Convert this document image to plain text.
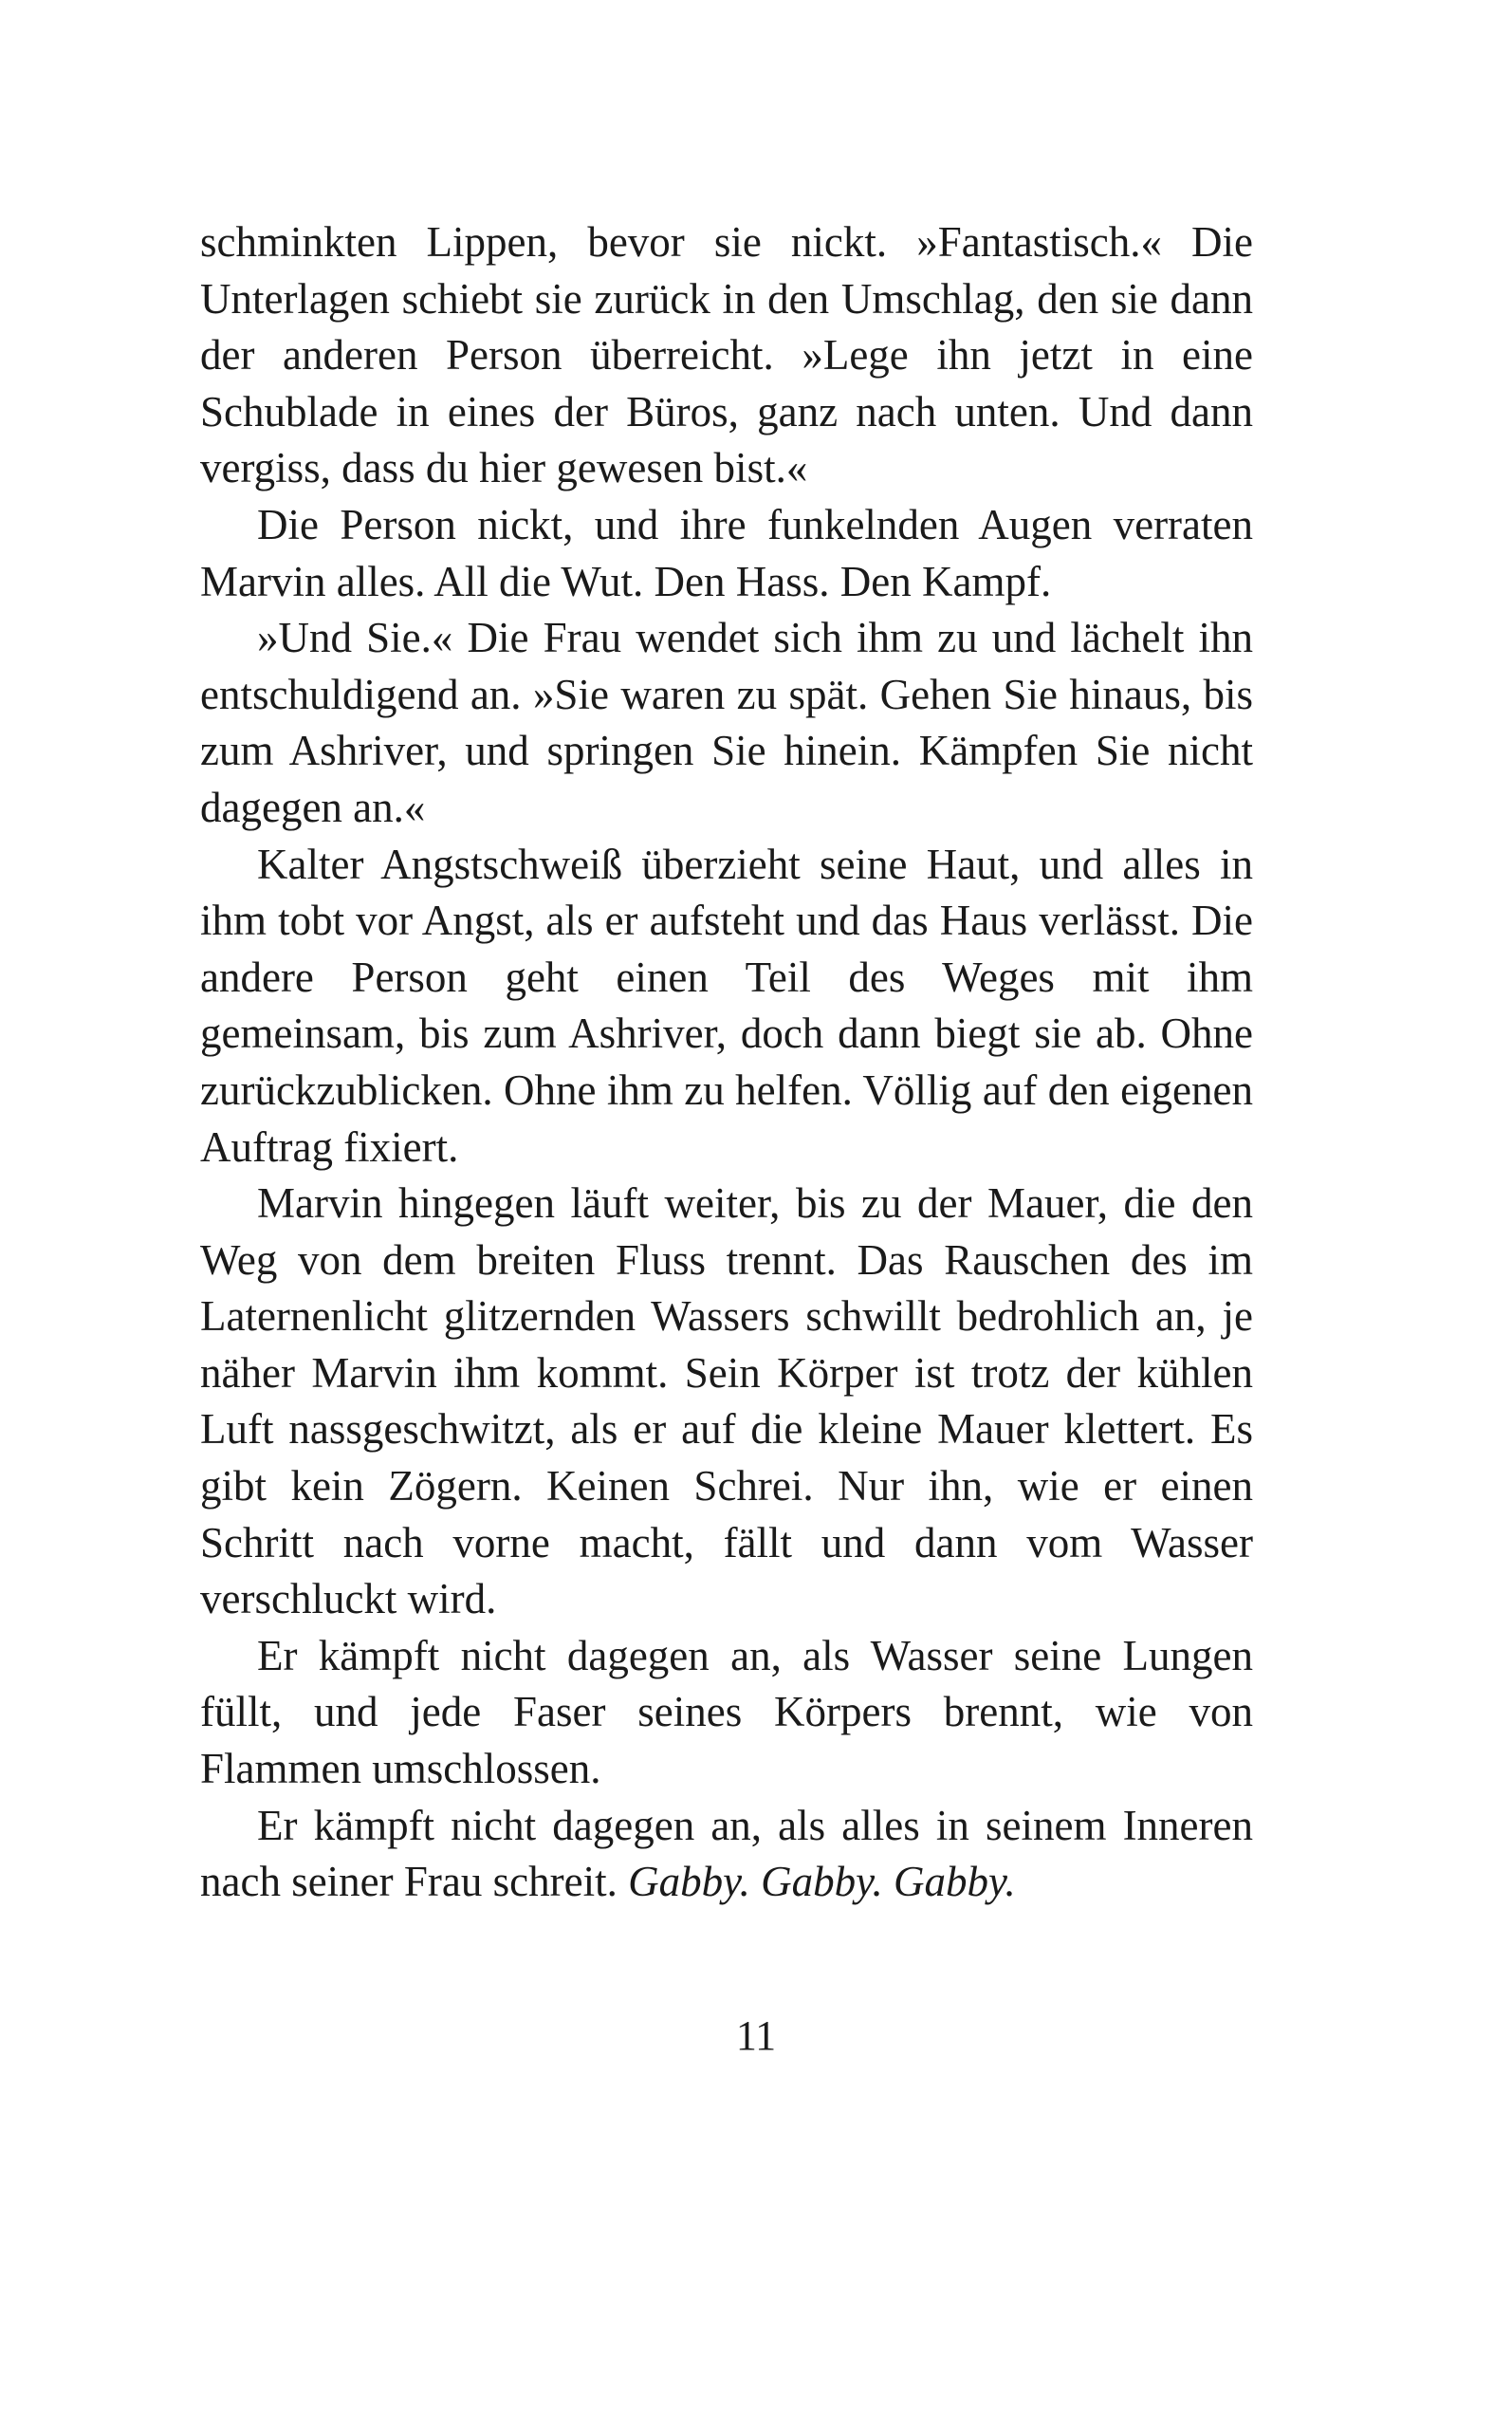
schminkten Lippen, bevor sie nickt. »Fantastisch.« Die Unterlagen schiebt sie zurück in den Umschlag, den sie dann der anderen Person überreicht. »Lege ihn jetzt in eine Schublade in eines der Büros, ganz nach unten. Und dann vergiss, dass du hier gewesen bist.«

Die Person nickt, und ihre funkelnden Augen verraten Marvin alles. All die Wut. Den Hass. Den Kampf.

»Und Sie.« Die Frau wendet sich ihm zu und lächelt ihn entschuldigend an. »Sie waren zu spät. Gehen Sie hinaus, bis zum Ashriver, und springen Sie hinein. Kämpfen Sie nicht dagegen an.«

Kalter Angstschweiß überzieht seine Haut, und alles in ihm tobt vor Angst, als er aufsteht und das Haus verlässt. Die andere Person geht einen Teil des Weges mit ihm gemeinsam, bis zum Ashriver, doch dann biegt sie ab. Ohne zurückzublicken. Ohne ihm zu helfen. Völlig auf den eigenen Auftrag fixiert.

Marvin hingegen läuft weiter, bis zu der Mauer, die den Weg von dem breiten Fluss trennt. Das Rauschen des im Laternenlicht glitzernden Wassers schwillt bedrohlich an, je näher Marvin ihm kommt. Sein Körper ist trotz der kühlen Luft nassgeschwitzt, als er auf die kleine Mauer klettert. Es gibt kein Zögern. Keinen Schrei. Nur ihn, wie er einen Schritt nach vorne macht, fällt und dann vom Wasser verschluckt wird.

Er kämpft nicht dagegen an, als Wasser seine Lungen füllt, und jede Faser seines Körpers brennt, wie von Flammen umschlossen.

Er kämpft nicht dagegen an, als alles in seinem Inneren nach seiner Frau schreit. Gabby. Gabby. Gabby.

11
